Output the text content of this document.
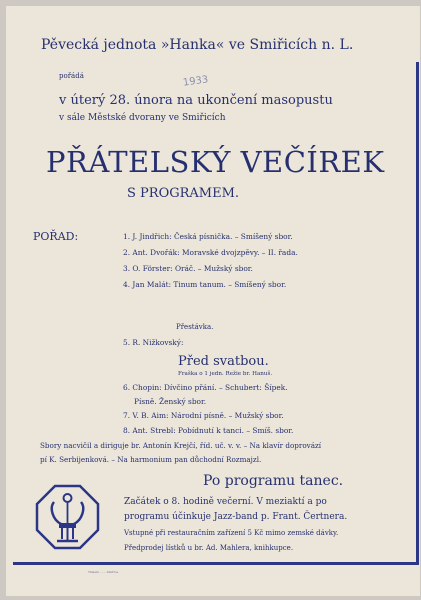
Pěvecká jednota »Hanka« ve Smiřicích n. L.
pořádá	1933
v úterý 28. února na ukončení masopustu
v sále Městské dvorany ve Smiřicích
PŘÁTELSKÝ VEČÍREK
S PROGRAMEM.
POŘAD:	1. J. Jindřich: Česká písnička. – Smíšený sbor.
2. Ant. Dvořák: Moravské dvojzpěvy. – II. řada.
3. O. Förster: Oráč. – Mužský sbor.
4. Jan Malát: Tinum tanum. – Smíšený sbor.
Přestávka.
5. R. Nižkovský:
Před svatbou.
Fraška o 1 jedn. Režie br. Hanuš.
6. Chopin: Dívčino přání. – Schubert: Šípek.
Písně. Ženský sbor.
7. V. B. Aim: Národní písně. – Mužský sbor.
8. Ant. Strebl: Pobídnutí k tanci. – Smíš. sbor.
Sbory nacvičil a diriguje br. Antonín Krejčí, říd. uč. v. v. – Na klavír doprovází
pí K. Serbijenková. – Na harmonium pan důchodní Rozmajzl.
Po programu tanec.
Začátek o 8. hodině večerní. V meziaktí a po
programu účinkuje Jazz-band p. Frant. Čertnera.
Vstupné při restauračním zařízení 5 Kč mimo zemské dávky.
Předprodej lístků u br. Ad. Mahlera, knihkupce.
Tiskem ...... Smiřice
